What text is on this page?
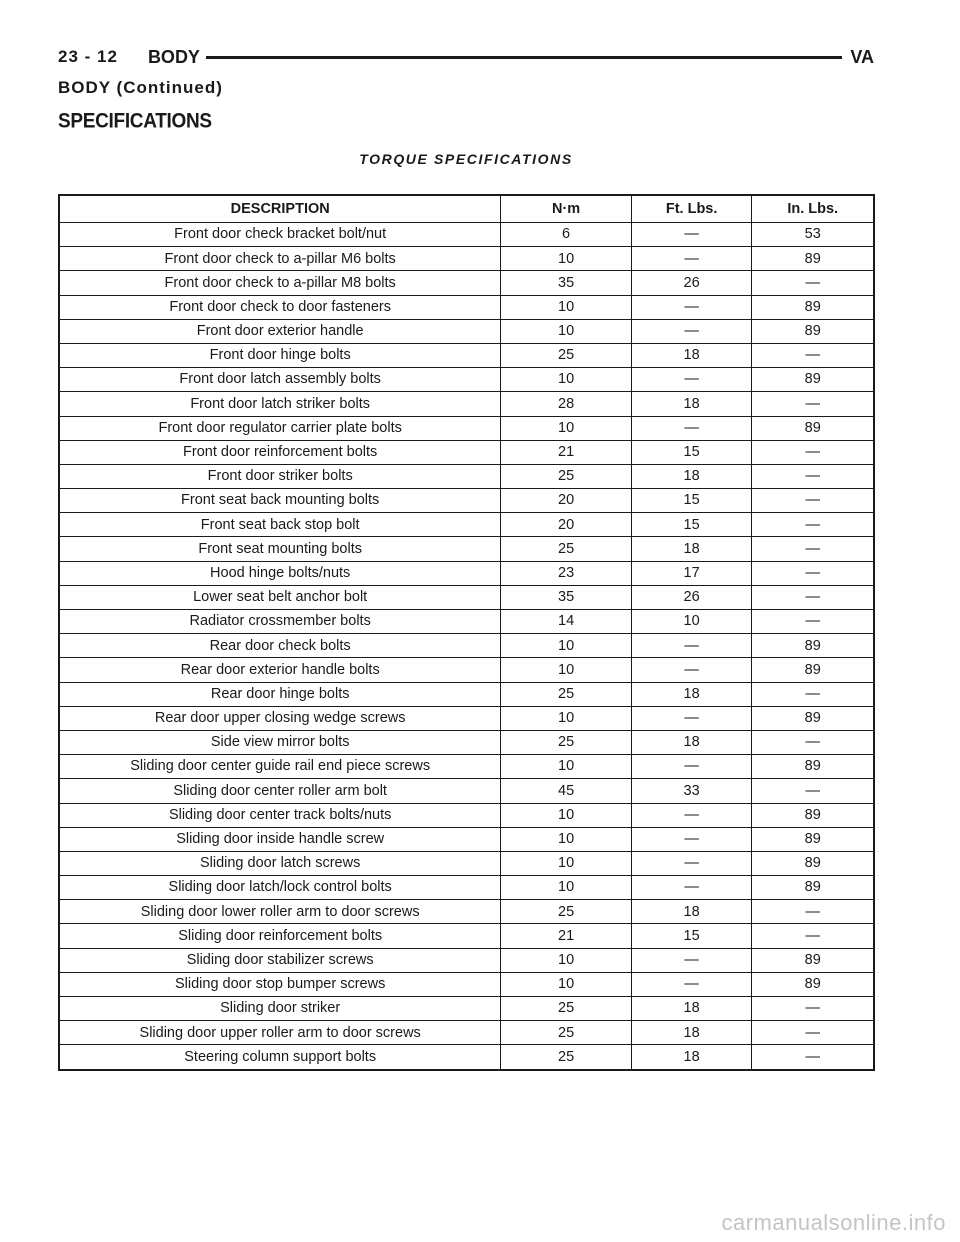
23 - 12 BODY	VA
BODY (Continued)
SPECIFICATIONS
TORQUE SPECIFICATIONS
DESCRIPTION	N·m	Ft. Lbs.	In. Lbs.
Front door check bracket bolt/nut	6	—	53
Front door check to a-pillar M6 bolts	10	—	89
Front door check to a-pillar M8 bolts	35	26	—
Front door check to door fasteners	10	—	89
Front door exterior handle	10	—	89
Front door hinge bolts	25	18	—
Front door latch assembly bolts	10	—	89
Front door latch striker bolts	28	18	—
Front door regulator carrier plate bolts	10	—	89
Front door reinforcement bolts	21	15	—
Front door striker bolts	25	18	—
Front seat back mounting bolts	20	15	—
Front seat back stop bolt	20	15	—
Front seat mounting bolts	25	18	—
Hood hinge bolts/nuts	23	17	—
Lower seat belt anchor bolt	35	26	—
Radiator crossmember bolts	14	10	—
Rear door check bolts	10	—	89
Rear door exterior handle bolts	10	—	89
Rear door hinge bolts	25	18	—
Rear door upper closing wedge screws	10	—	89
Side view mirror bolts	25	18	—
Sliding door center guide rail end piece screws	10	—	89
Sliding door center roller arm bolt	45	33	—
Sliding door center track bolts/nuts	10	—	89
Sliding door inside handle screw	10	—	89
Sliding door latch screws	10	—	89
Sliding door latch/lock control bolts	10	—	89
Sliding door lower roller arm to door screws	25	18	—
Sliding door reinforcement bolts	21	15	—
Sliding door stabilizer screws	10	—	89
Sliding door stop bumper screws	10	—	89
Sliding door striker	25	18	—
Sliding door upper roller arm to door screws	25	18	—
Steering column support bolts	25	18	—
carmanualsonline.info
